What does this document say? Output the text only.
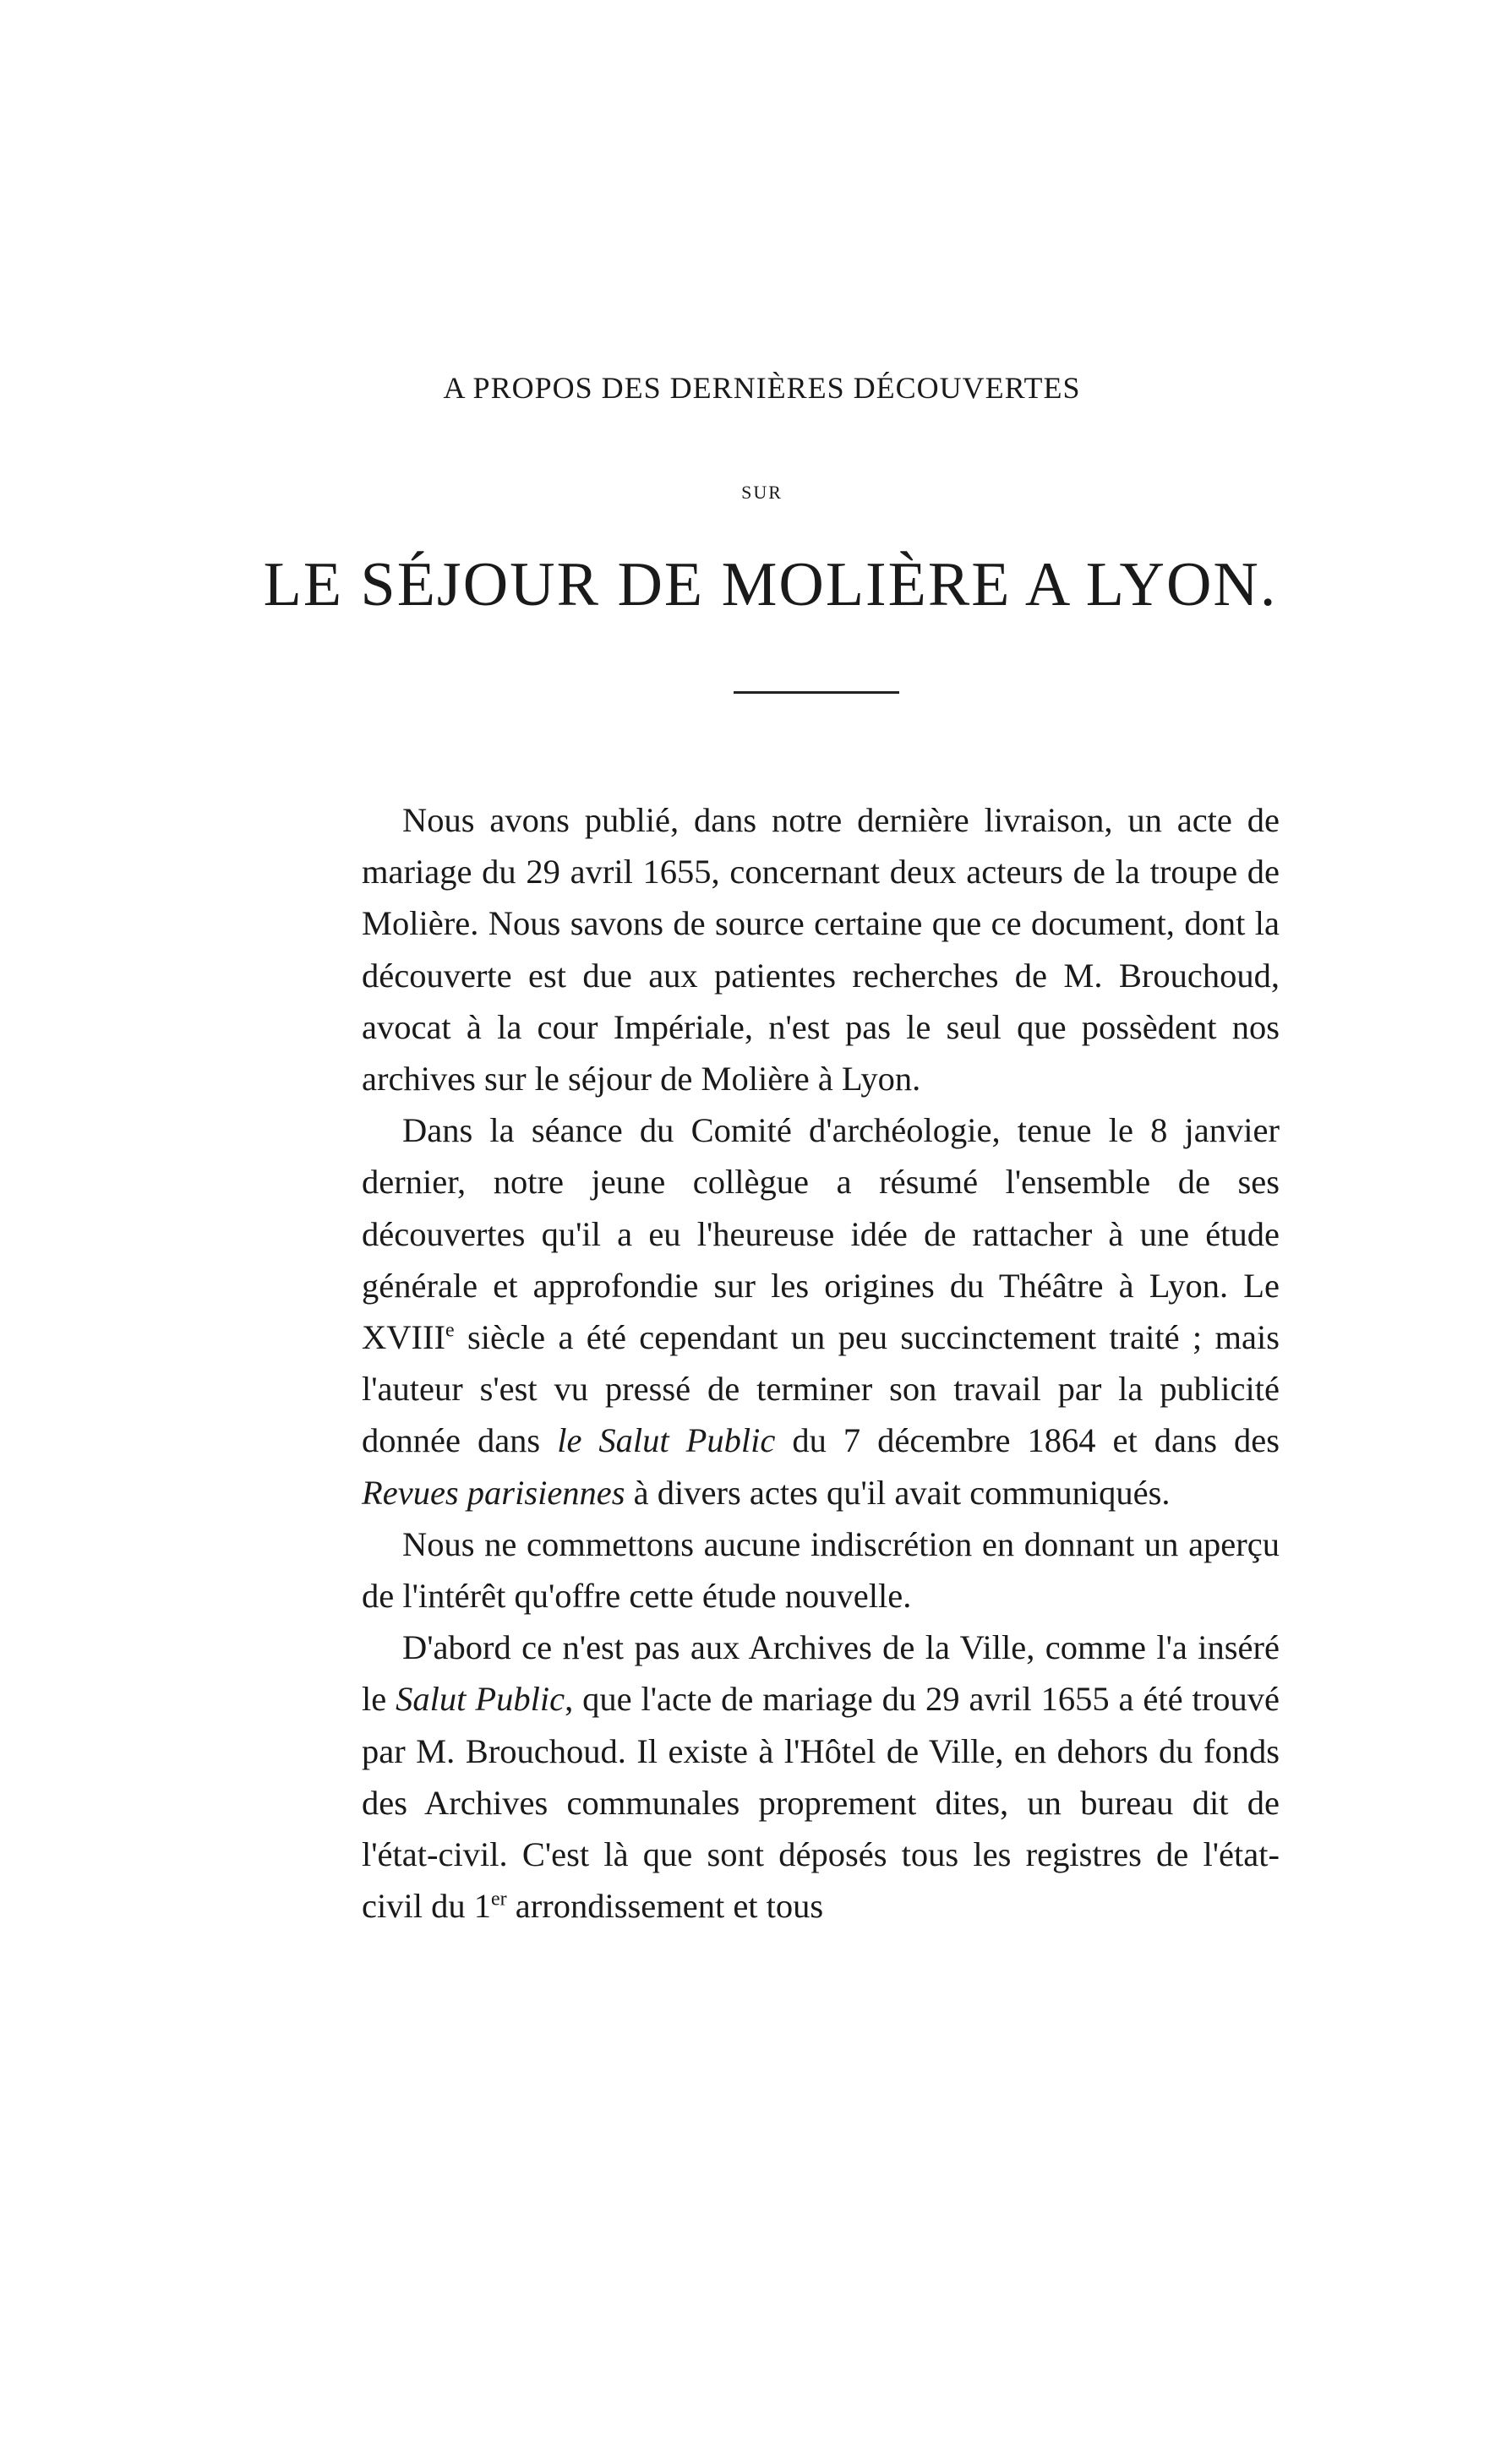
A PROPOS DES DERNIÈRES DÉCOUVERTES
SUR
LE SÉJOUR DE MOLIÈRE A LYON.

Nous avons publié, dans notre dernière livraison, un acte de mariage du 29 avril 1655, concernant deux acteurs de la troupe de Molière. Nous savons de source certaine que ce document, dont la découverte est due aux patientes recherches de M. Brouchoud, avocat à la cour Impériale, n'est pas le seul que possèdent nos archives sur le séjour de Molière à Lyon.

Dans la séance du Comité d'archéologie, tenue le 8 janvier dernier, notre jeune collègue a résumé l'ensemble de ses découvertes qu'il a eu l'heureuse idée de rattacher à une étude générale et approfondie sur les origines du Théâtre à Lyon. Le XVIIIe siècle a été cependant un peu succinctement traité ; mais l'auteur s'est vu pressé de terminer son travail par la publicité donnée dans le Salut Public du 7 décembre 1864 et dans des Revues parisiennes à divers actes qu'il avait communiqués.

Nous ne commettons aucune indiscrétion en donnant un aperçu de l'intérêt qu'offre cette étude nouvelle.

D'abord ce n'est pas aux Archives de la Ville, comme l'a inséré le Salut Public, que l'acte de mariage du 29 avril 1655 a été trouvé par M. Brouchoud. Il existe à l'Hôtel de Ville, en dehors du fonds des Archives communales proprement dites, un bureau dit de l'état-civil. C'est là que sont déposés tous les registres de l'état-civil du 1er arrondissement et tous
